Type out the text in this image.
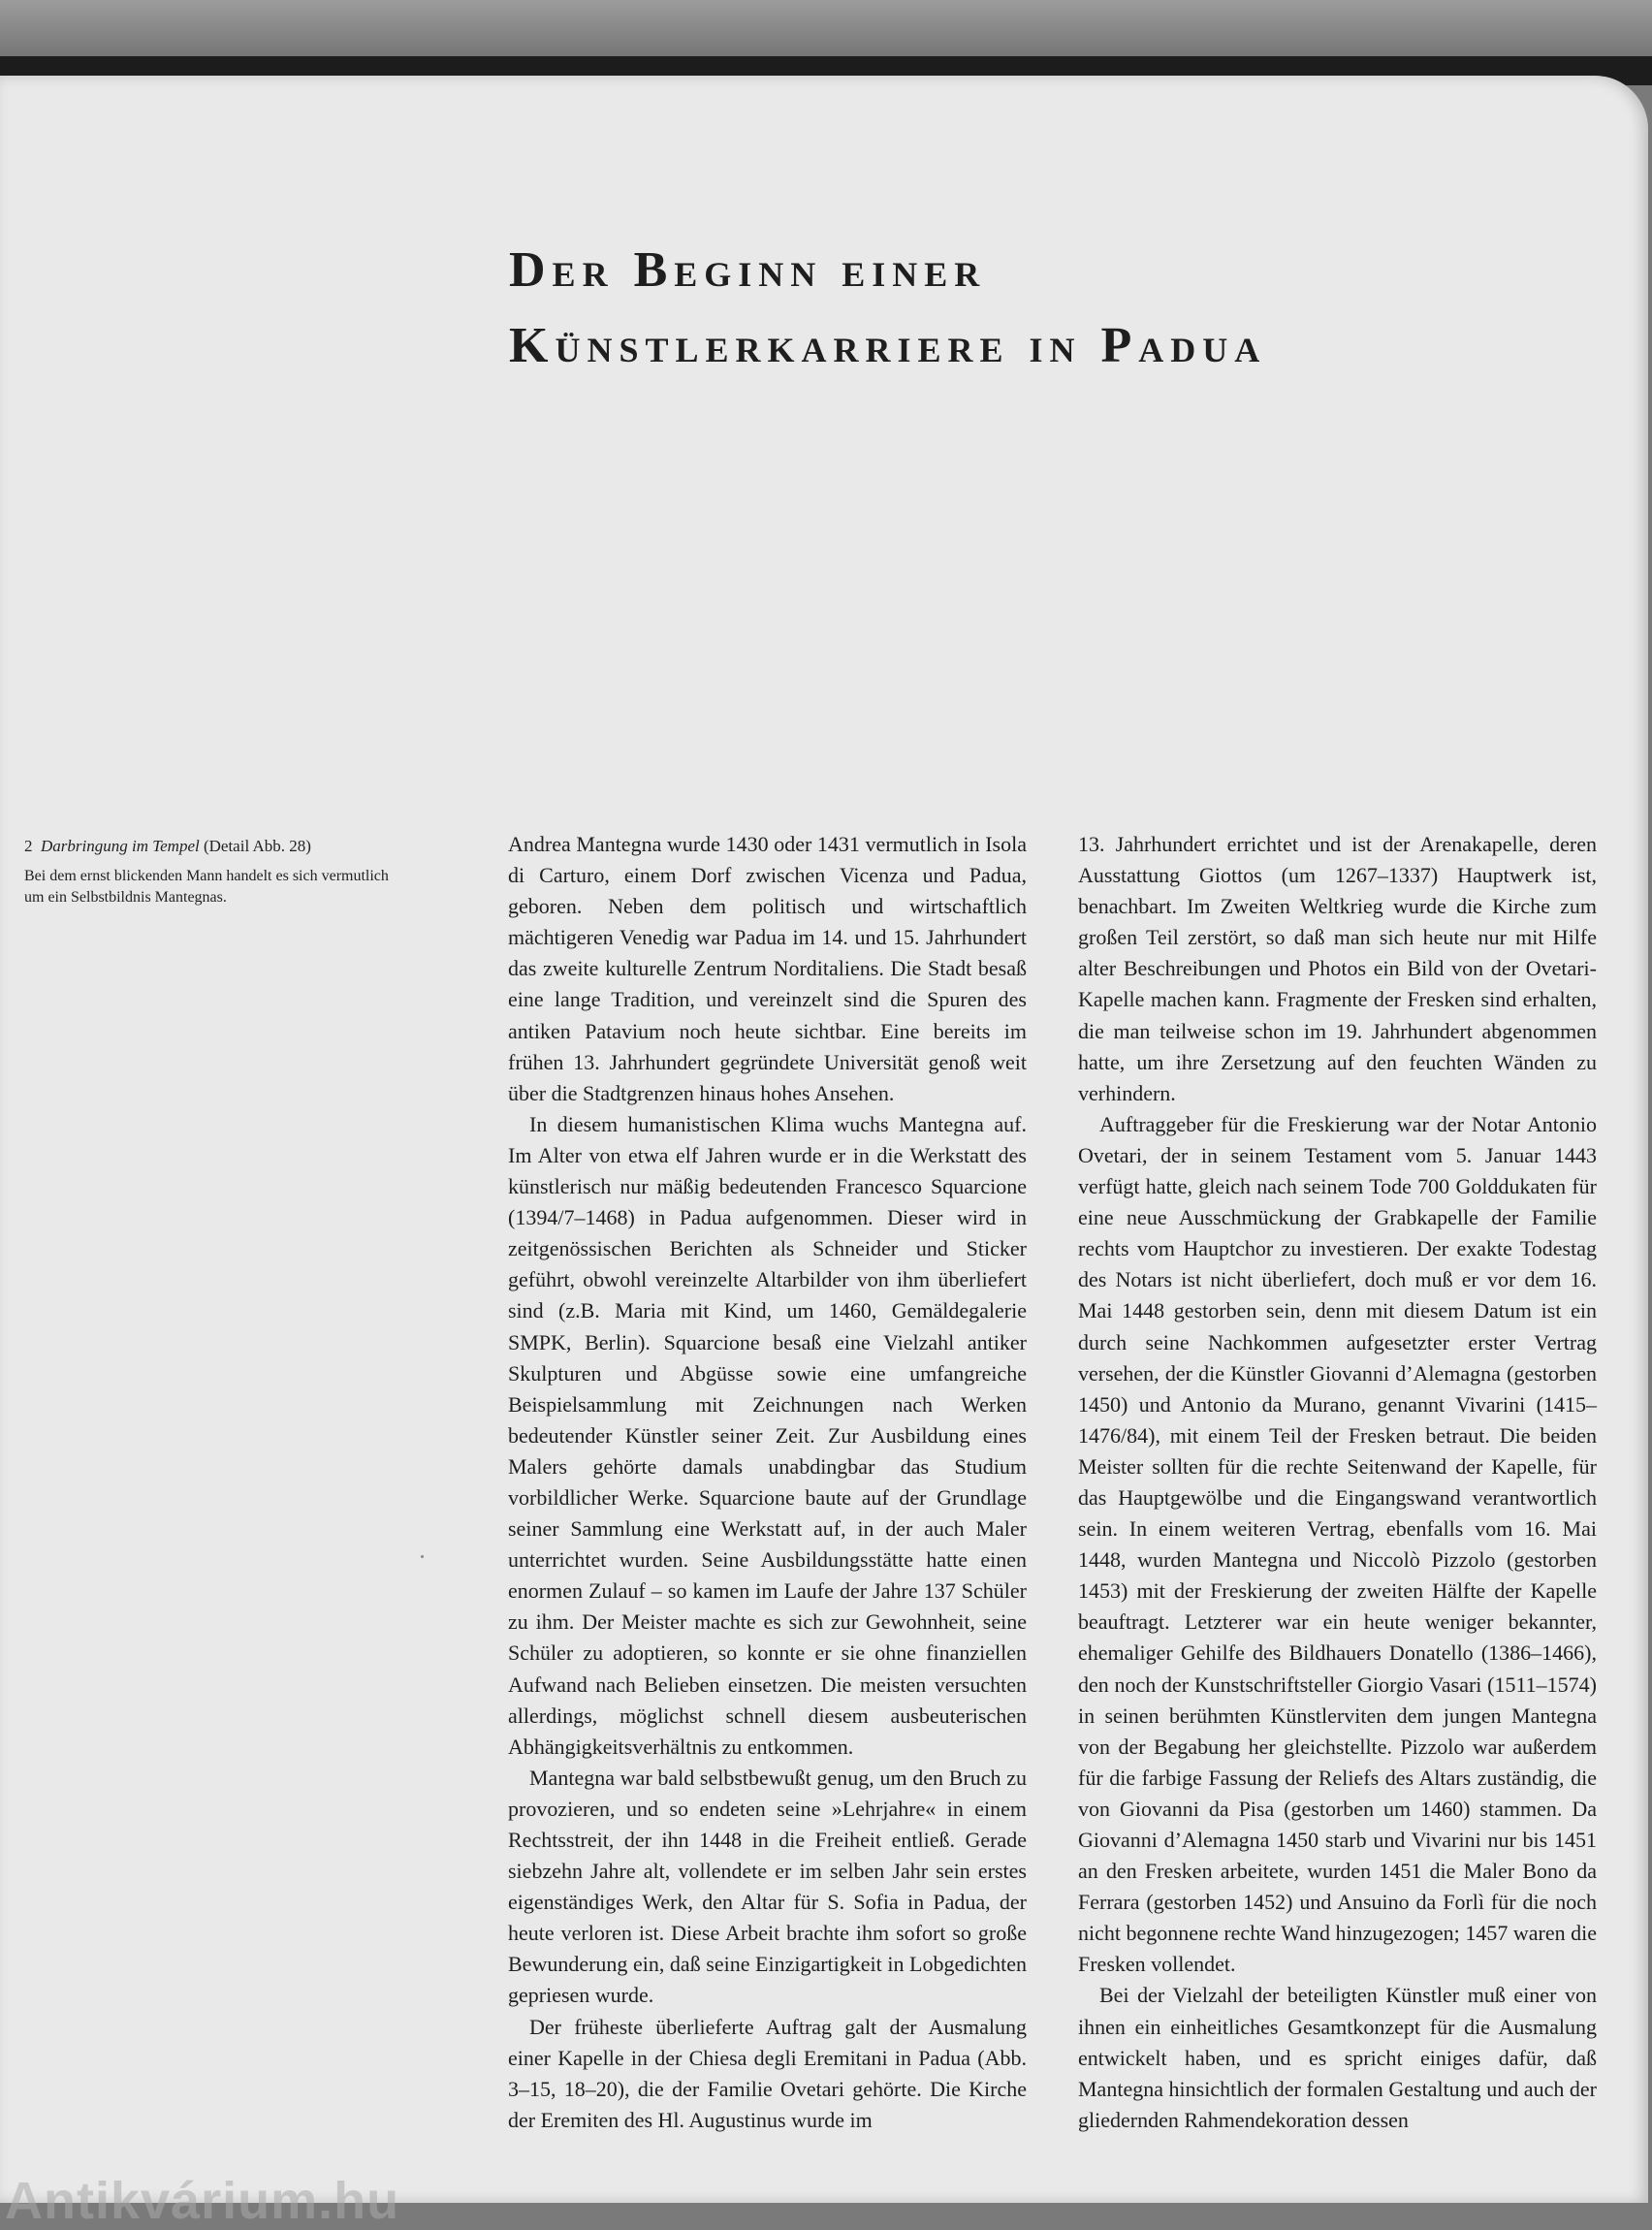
Der Beginn einer
Künstlerkarriere in Padua

2 Darbringung im Tempel (Detail Abb. 28)

Bei dem ernst blickenden Mann handelt es sich vermutlich um ein Selbstbildnis Mantegnas.

Andrea Mantegna wurde 1430 oder 1431 vermutlich in Isola di Carturo, einem Dorf zwischen Vicenza und Padua, geboren. Neben dem politisch und wirtschaftlich mächtigeren Venedig war Padua im 14. und 15. Jahrhundert das zweite kulturelle Zentrum Norditaliens. Die Stadt besaß eine lange Tradition, und vereinzelt sind die Spuren des antiken Patavium noch heute sichtbar. Eine bereits im frühen 13. Jahrhundert gegründete Universität genoß weit über die Stadtgrenzen hinaus hohes Ansehen.

In diesem humanistischen Klima wuchs Mantegna auf. Im Alter von etwa elf Jahren wurde er in die Werkstatt des künstlerisch nur mäßig bedeutenden Francesco Squarcione (1394/7–1468) in Padua aufgenommen. Dieser wird in zeitgenössischen Berichten als Schneider und Sticker geführt, obwohl vereinzelte Altarbilder von ihm überliefert sind (z.B. Maria mit Kind, um 1460, Gemäldegalerie SMPK, Berlin). Squarcione besaß eine Vielzahl antiker Skulpturen und Abgüsse sowie eine umfangreiche Beispielsammlung mit Zeichnungen nach Werken bedeutender Künstler seiner Zeit. Zur Ausbildung eines Malers gehörte damals unabdingbar das Studium vorbildlicher Werke. Squarcione baute auf der Grundlage seiner Sammlung eine Werkstatt auf, in der auch Maler unterrichtet wurden. Seine Ausbildungsstätte hatte einen enormen Zulauf – so kamen im Laufe der Jahre 137 Schüler zu ihm. Der Meister machte es sich zur Gewohnheit, seine Schüler zu adoptieren, so konnte er sie ohne finanziellen Aufwand nach Belieben einsetzen. Die meisten versuchten allerdings, möglichst schnell diesem ausbeuterischen Abhängigkeitsverhältnis zu entkommen.

Mantegna war bald selbstbewußt genug, um den Bruch zu provozieren, und so endeten seine »Lehrjahre« in einem Rechtsstreit, der ihn 1448 in die Freiheit entließ. Gerade siebzehn Jahre alt, vollendete er im selben Jahr sein erstes eigenständiges Werk, den Altar für S. Sofia in Padua, der heute verloren ist. Diese Arbeit brachte ihm sofort so große Bewunderung ein, daß seine Einzigartigkeit in Lobgedichten gepriesen wurde.

Der früheste überlieferte Auftrag galt der Ausmalung einer Kapelle in der Chiesa degli Eremitani in Padua (Abb. 3–15, 18–20), die der Familie Ovetari gehörte. Die Kirche der Eremiten des Hl. Augustinus wurde im

13. Jahrhundert errichtet und ist der Arenakapelle, deren Ausstattung Giottos (um 1267–1337) Hauptwerk ist, benachbart. Im Zweiten Weltkrieg wurde die Kirche zum großen Teil zerstört, so daß man sich heute nur mit Hilfe alter Beschreibungen und Photos ein Bild von der Ovetari-Kapelle machen kann. Fragmente der Fresken sind erhalten, die man teilweise schon im 19. Jahrhundert abgenommen hatte, um ihre Zersetzung auf den feuchten Wänden zu verhindern.

Auftraggeber für die Freskierung war der Notar Antonio Ovetari, der in seinem Testament vom 5. Januar 1443 verfügt hatte, gleich nach seinem Tode 700 Golddukaten für eine neue Ausschmückung der Grabkapelle der Familie rechts vom Hauptchor zu investieren. Der exakte Todestag des Notars ist nicht überliefert, doch muß er vor dem 16. Mai 1448 gestorben sein, denn mit diesem Datum ist ein durch seine Nachkommen aufgesetzter erster Vertrag versehen, der die Künstler Giovanni d’Alemagna (gestorben 1450) und Antonio da Murano, genannt Vivarini (1415–1476/84), mit einem Teil der Fresken betraut. Die beiden Meister sollten für die rechte Seitenwand der Kapelle, für das Hauptgewölbe und die Eingangswand verantwortlich sein. In einem weiteren Vertrag, ebenfalls vom 16. Mai 1448, wurden Mantegna und Niccolò Pizzolo (gestorben 1453) mit der Freskierung der zweiten Hälfte der Kapelle beauftragt. Letzterer war ein heute weniger bekannter, ehemaliger Gehilfe des Bildhauers Donatello (1386–1466), den noch der Kunstschriftsteller Giorgio Vasari (1511–1574) in seinen berühmten Künstlerviten dem jungen Mantegna von der Begabung her gleichstellte. Pizzolo war außerdem für die farbige Fassung der Reliefs des Altars zuständig, die von Giovanni da Pisa (gestorben um 1460) stammen. Da Giovanni d’Alemagna 1450 starb und Vivarini nur bis 1451 an den Fresken arbeitete, wurden 1451 die Maler Bono da Ferrara (gestorben 1452) und Ansuino da Forlì für die noch nicht begonnene rechte Wand hinzugezogen; 1457 waren die Fresken vollendet.

Bei der Vielzahl der beteiligten Künstler muß einer von ihnen ein einheitliches Gesamtkonzept für die Ausmalung entwickelt haben, und es spricht einiges dafür, daß Mantegna hinsichtlich der formalen Gestaltung und auch der gliedernden Rahmendekoration dessen

Antikvárium.hu
